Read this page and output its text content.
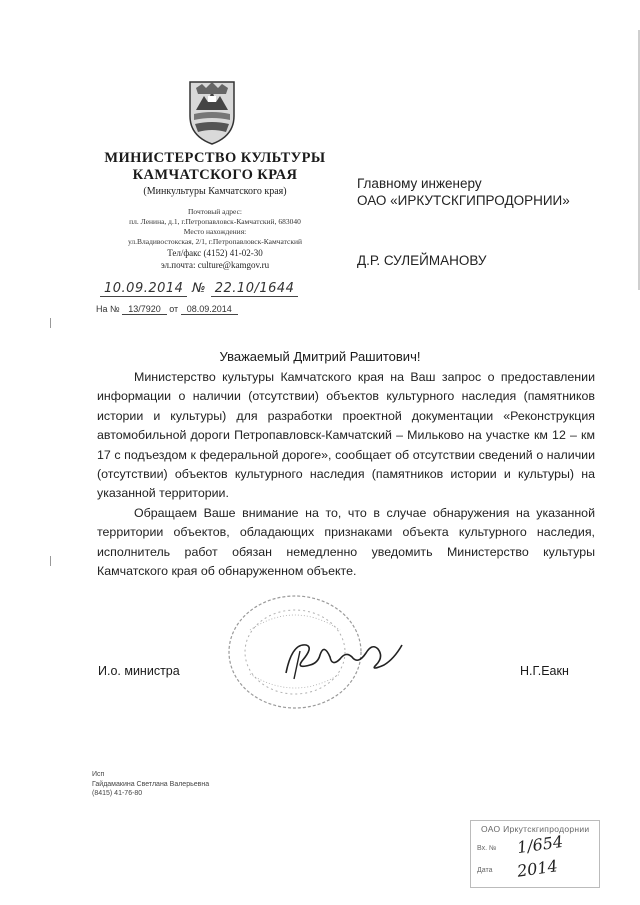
МИНИСТЕРСТВО КУЛЬТУРЫ
КАМЧАТСКОГО КРАЯ
(Минкультуры Камчатского края)
Почтовый адрес:
пл. Ленина, д.1, г.Петропавловск-Камчатский, 683040
Место нахождения:
ул.Владивостокская, 2/1, г.Петропавловск-Камчатский
Тел/факс (4152) 41-02-30
эл.почта: culture@kamgov.ru
10.09.2014 № 22.10/1644
На № 13/7920 от 08.09.2014
Главному инженеру
ОАО «ИРКУТСКГИПРОДОРНИИ»
Д.Р. СУЛЕЙМАНОВУ
Уважаемый Дмитрий Рашитович!

Министерство культуры Камчатского края на Ваш запрос о предоставлении информации о наличии (отсутствии) объектов культурного наследия (памятников истории и культуры) для разработки проектной документации «Реконструкция автомобильной дороги Петропавловск-Камчатский – Мильково на участке км 12 – км 17 с подъездом к федеральной дороге», сообщает об отсутствии сведений о наличии (отсутствии) объектов культурного наследия (памятников истории и культуры) на указанной территории.

Обращаем Ваше внимание на то, что в случае обнаружения на указанной территории объектов, обладающих признаками объекта культурного наследия, исполнитель работ обязан немедленно уведомить Министерство культуры Камчатского края об обнаруженном объекте.

И.о. министра	Н.Г.Еакн
Исп
Гайдамакина Светлана Валерьевна
(8415) 41-76-80
ОАО Иркутскгипродорнии
Вх. № 1/654
Дата 2014
